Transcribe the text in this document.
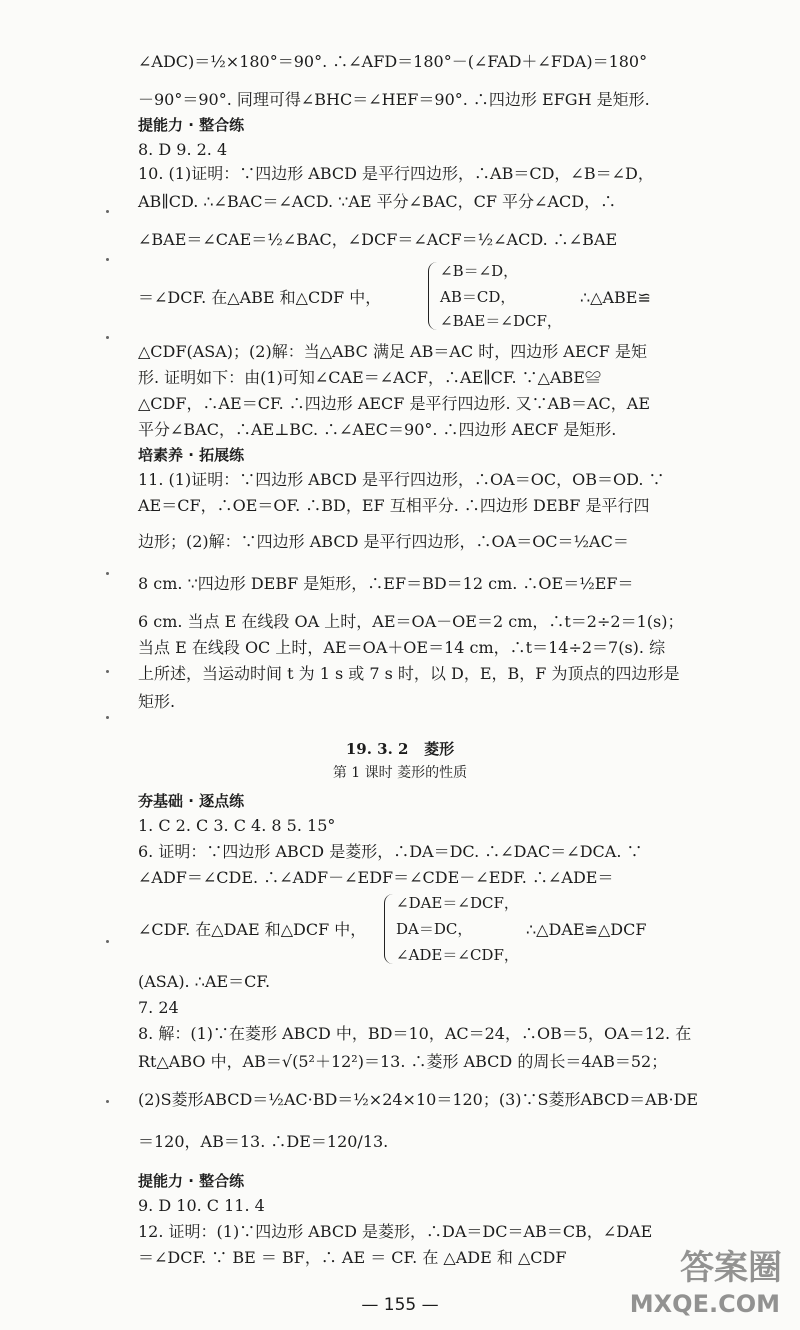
∠ADC)＝½×180°＝90°. ∴∠AFD＝180°－(∠FAD＋∠FDA)＝180°
－90°＝90°. 同理可得∠BHC＝∠HEF＝90°. ∴四边形 EFGH 是矩形.
提能力 · 整合练
8. D 9. 2. 4
10. (1)证明：∵四边形 ABCD 是平行四边形，∴AB＝CD，∠B＝∠D，
AB∥CD. ∴∠BAC＝∠ACD. ∵AE 平分∠BAC，CF 平分∠ACD，∴
∠BAE＝∠CAE＝½∠BAC，∠DCF＝∠ACF＝½∠ACD. ∴∠BAE
＝∠DCF. 在△ABE 和△CDF 中，
∠B＝∠D，
AB＝CD，
∠BAE＝∠DCF，
∴△ABE≌
△CDF(ASA)；(2)解：当△ABC 满足 AB＝AC 时，四边形 AECF 是矩
形. 证明如下：由(1)可知∠CAE＝∠ACF，∴AE∥CF. ∵△ABE≌
△CDF，∴AE＝CF. ∴四边形 AECF 是平行四边形. 又∵AB＝AC，AE
平分∠BAC，∴AE⊥BC. ∴∠AEC＝90°. ∴四边形 AECF 是矩形.
培素养 · 拓展练
11. (1)证明：∵四边形 ABCD 是平行四边形，∴OA＝OC，OB＝OD. ∵
AE＝CF，∴OE＝OF. ∴BD，EF 互相平分. ∴四边形 DEBF 是平行四
边形；(2)解：∵四边形 ABCD 是平行四边形，∴OA＝OC＝½AC＝
8 cm. ∵四边形 DEBF 是矩形，∴EF＝BD＝12 cm. ∴OE＝½EF＝
6 cm. 当点 E 在线段 OA 上时，AE＝OA－OE＝2 cm，∴t＝2÷2＝1(s)；
当点 E 在线段 OC 上时，AE＝OA＋OE＝14 cm，∴t＝14÷2＝7(s). 综
上所述，当运动时间 t 为 1 s 或 7 s 时，以 D，E，B，F 为顶点的四边形是
矩形.
19. 3. 2 菱形
第 1 课时 菱形的性质
夯基础 · 逐点练
1. C 2. C 3. C 4. 8 5. 15°
6. 证明：∵四边形 ABCD 是菱形，∴DA＝DC. ∴∠DAC＝∠DCA. ∵
∠ADF＝∠CDE. ∴∠ADF－∠EDF＝∠CDE－∠EDF. ∴∠ADE＝
∠CDF. 在△DAE 和△DCF 中，
∠DAE＝∠DCF，
DA＝DC，
∠ADE＝∠CDF，
∴△DAE≌△DCF
(ASA). ∴AE＝CF.
7. 24
8. 解：(1)∵在菱形 ABCD 中，BD＝10，AC＝24，∴OB＝5，OA＝12. 在
Rt△ABO 中，AB＝√(5²＋12²)＝13. ∴菱形 ABCD 的周长＝4AB＝52；
(2)S菱形ABCD＝½AC·BD＝½×24×10＝120；(3)∵S菱形ABCD＝AB·DE
＝120，AB＝13. ∴DE＝120/13.
提能力 · 整合练
9. D 10. C 11. 4
12. 证明：(1)∵四边形 ABCD 是菱形，∴DA＝DC＝AB＝CB，∠DAE
＝∠DCF. ∵ BE ＝ BF，∴ AE ＝ CF. 在 △ADE 和 △CDF
— 155 —
答案圈
MXQE.COM
